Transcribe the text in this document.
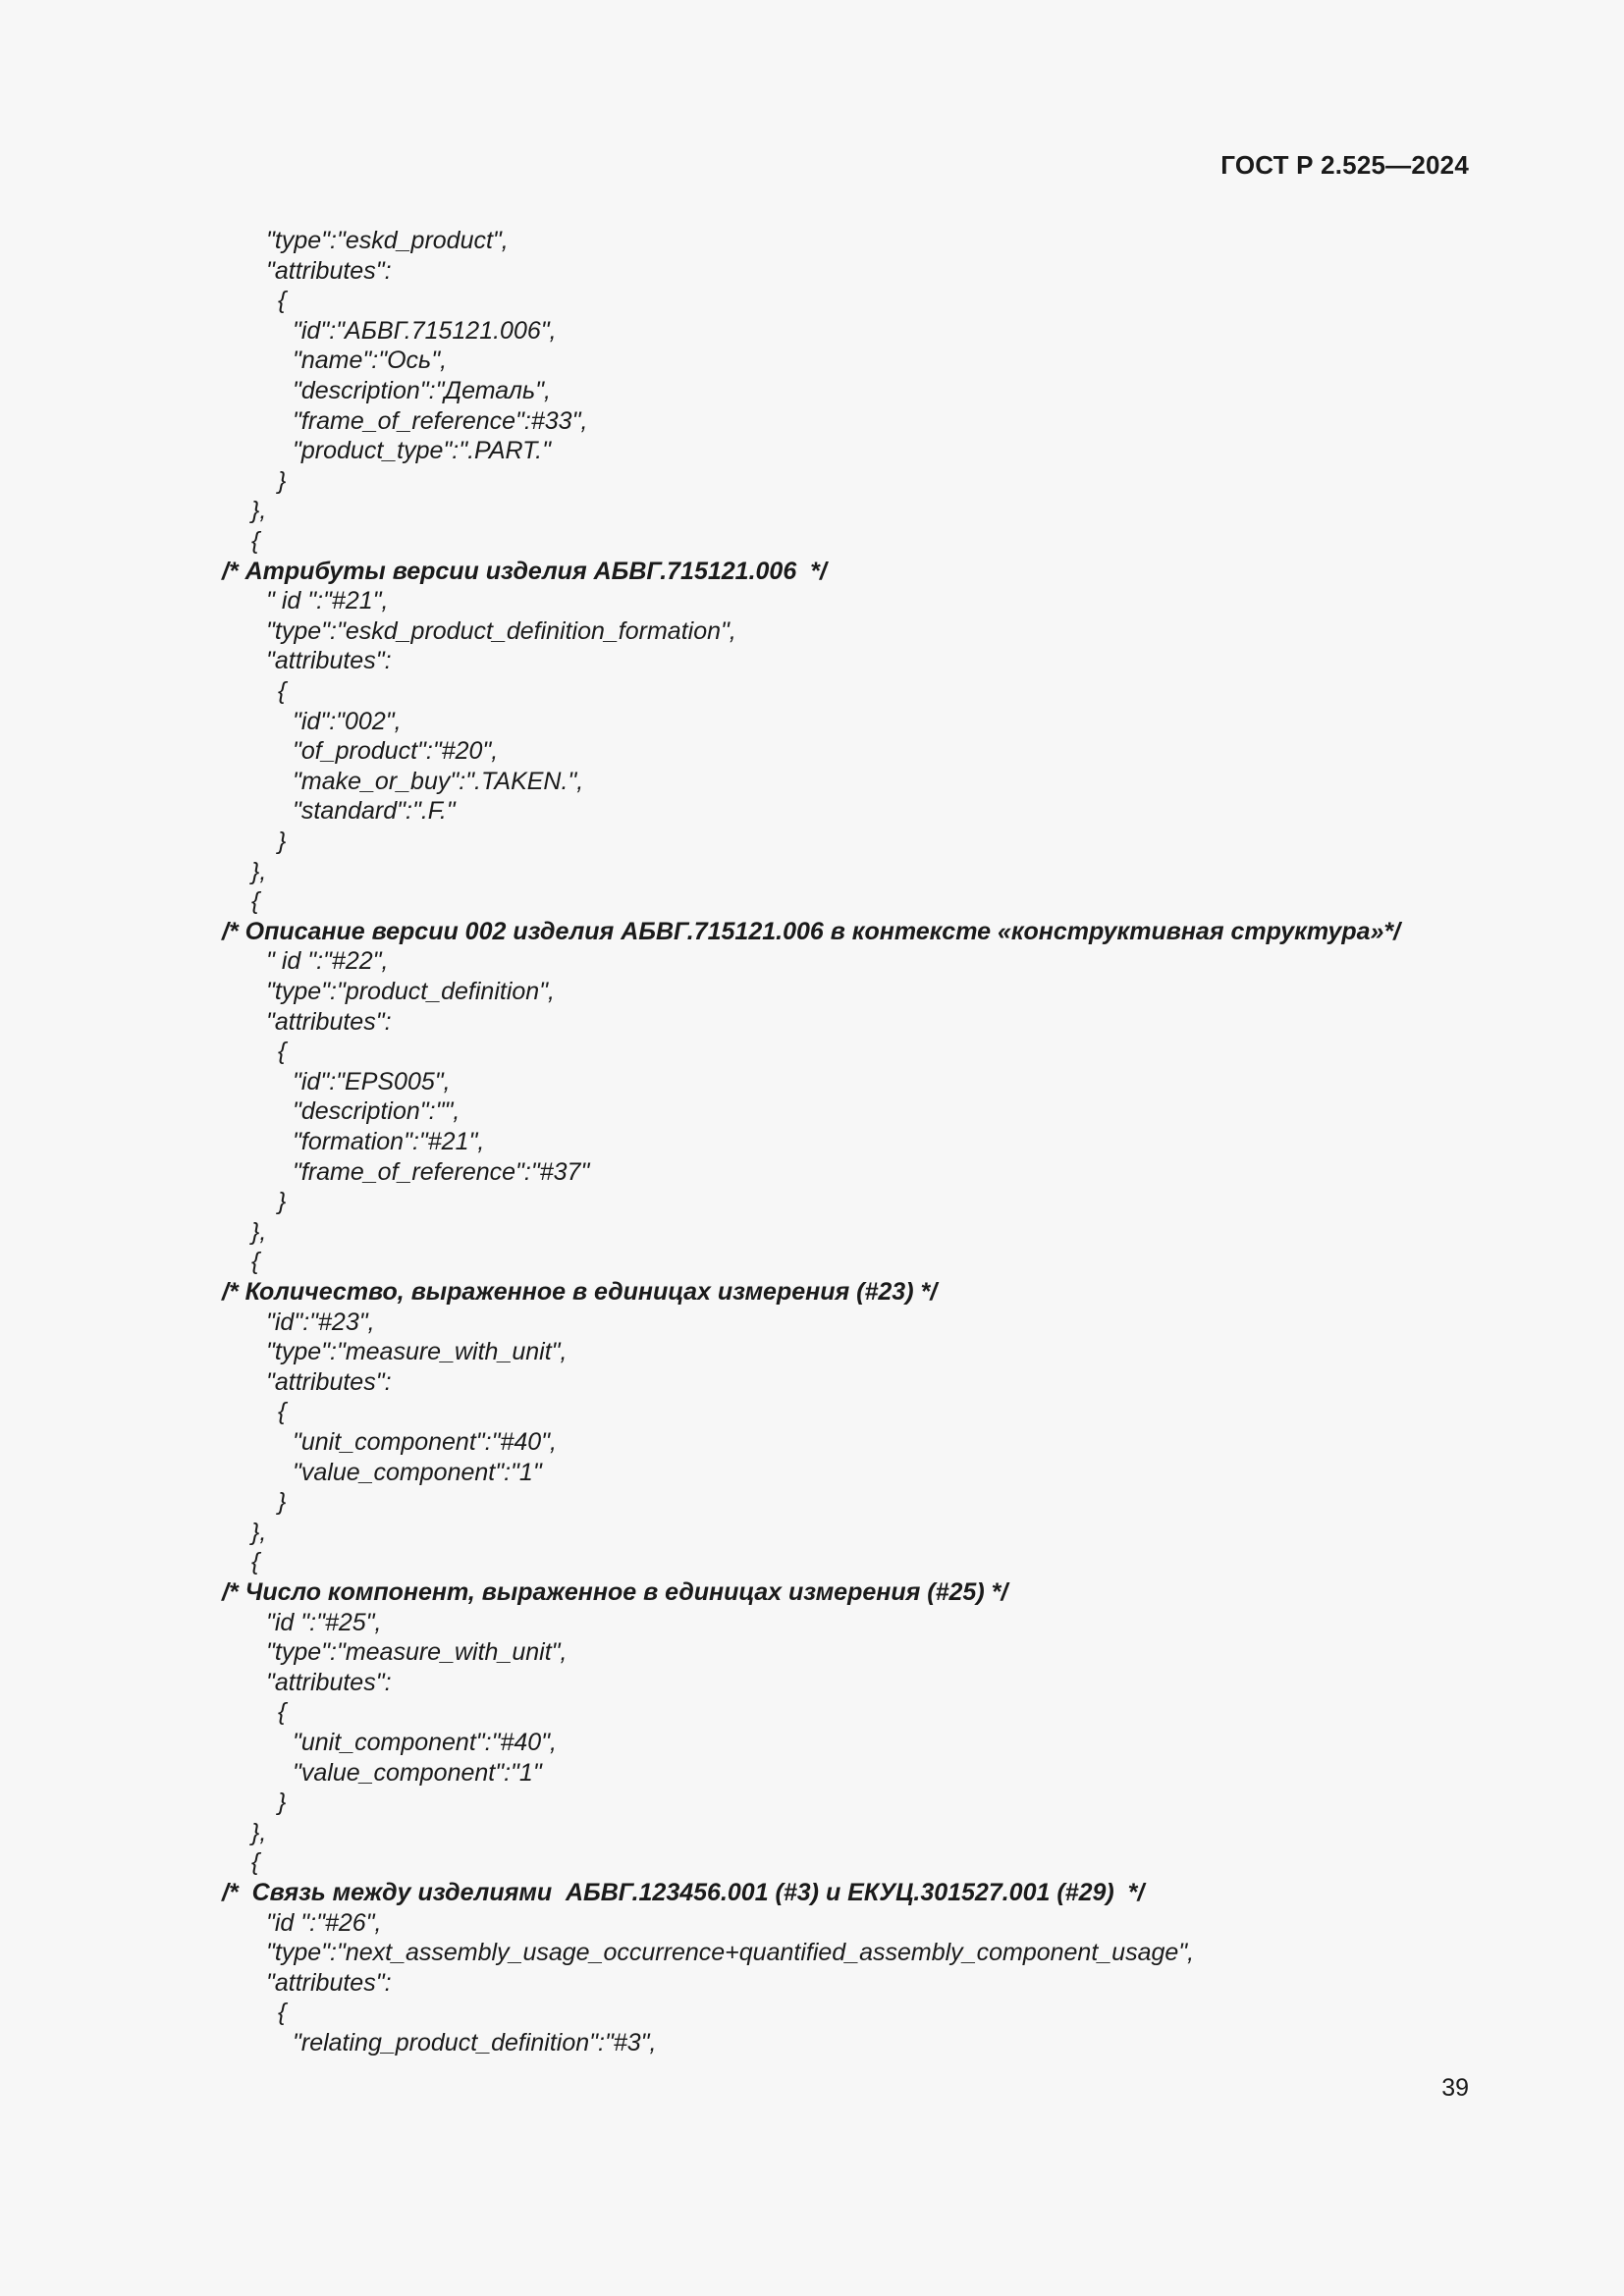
ГОСТ Р 2.525—2024
"type":"eskd_product",
"attributes":
{
"id":"АБВГ.715121.006",
"name":"Ось",
"description":"Деталь",
"frame_of_reference":#33",
"product_type":".PART."
}
},
{
/* Атрибуты версии изделия АБВГ.715121.006  */
" id ":"#21",
"type":"eskd_product_definition_formation",
"attributes":
{
"id":"002",
"of_product":"#20",
"make_or_buy":".TAKEN.",
"standard":".F."
}
},
{
/* Описание версии 002 изделия АБВГ.715121.006 в контексте «конструктивная структура»*/
" id ":"#22",
"type":"product_definition",
"attributes":
{
"id":"EPS005",
"description":"",
"formation":"#21",
"frame_of_reference":"#37"
}
},
{
/* Количество, выраженное в единицах измерения (#23) */
"id":"#23",
"type":"measure_with_unit",
"attributes":
{
"unit_component":"#40",
"value_component":"1"
}
},
{
/* Число компонент, выраженное в единицах измерения (#25) */
"id ":"#25",
"type":"measure_with_unit",
"attributes":
{
"unit_component":"#40",
"value_component":"1"
}
},
{
/*  Связь между изделиями  АБВГ.123456.001 (#3) и ЕКУЦ.301527.001 (#29)  */
"id ":"#26",
"type":"next_assembly_usage_occurrence+quantified_assembly_component_usage",
"attributes":
{
"relating_product_definition":"#3",
39
